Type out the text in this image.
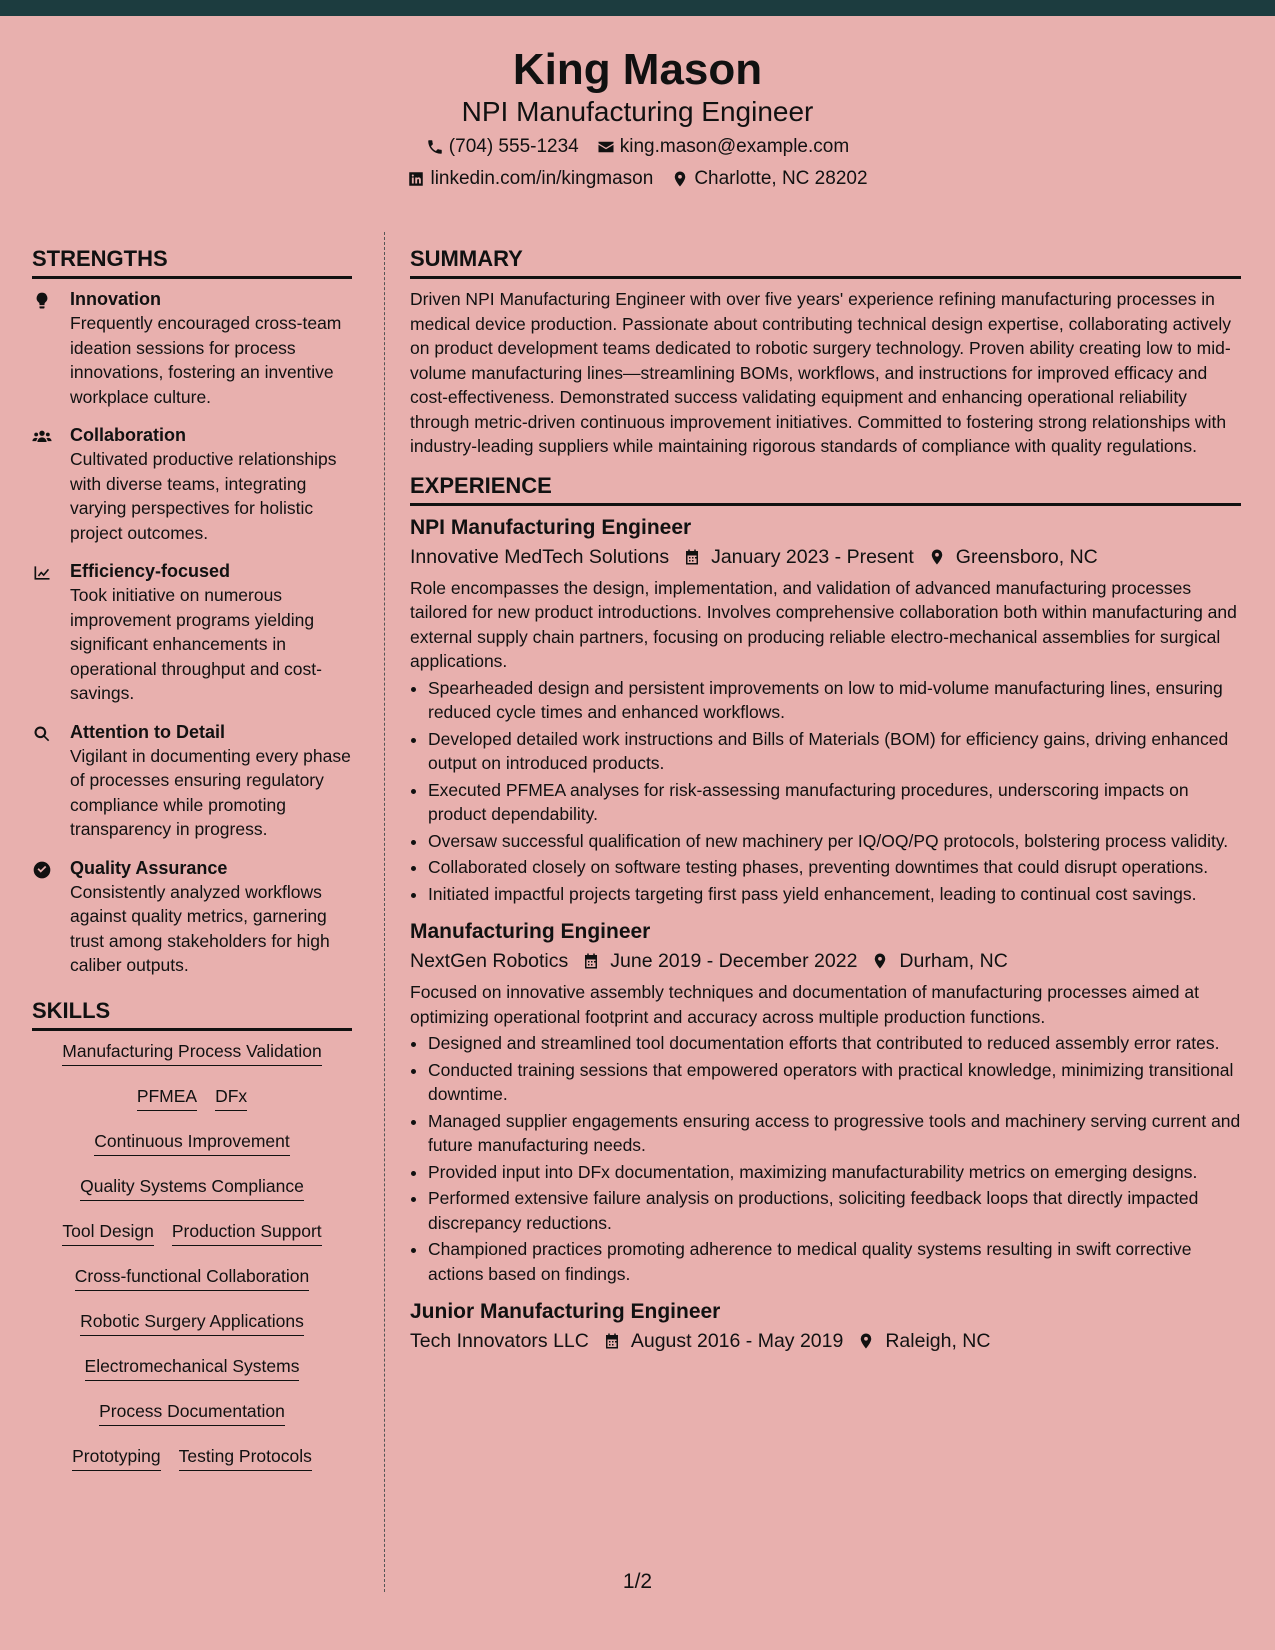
King Mason
NPI Manufacturing Engineer
(704) 555-1234 king.mason@example.com
linkedin.com/in/kingmason Charlotte, NC 28202
STRENGTHS
Innovation
Frequently encouraged cross-team ideation sessions for process innovations, fostering an inventive workplace culture.
Collaboration
Cultivated productive relationships with diverse teams, integrating varying perspectives for holistic project outcomes.
Efficiency-focused
Took initiative on numerous improvement programs yielding significant enhancements in operational throughput and cost-savings.
Attention to Detail
Vigilant in documenting every phase of processes ensuring regulatory compliance while promoting transparency in progress.
Quality Assurance
Consistently analyzed workflows against quality metrics, garnering trust among stakeholders for high caliber outputs.
SKILLS
Manufacturing Process Validation
PFMEA DFx
Continuous Improvement
Quality Systems Compliance
Tool Design Production Support
Cross-functional Collaboration
Robotic Surgery Applications
Electromechanical Systems
Process Documentation
Prototyping Testing Protocols
SUMMARY
Driven NPI Manufacturing Engineer with over five years' experience refining manufacturing processes in medical device production. Passionate about contributing technical design expertise, collaborating actively on product development teams dedicated to robotic surgery technology. Proven ability creating low to mid-volume manufacturing lines—streamlining BOMs, workflows, and instructions for improved efficacy and cost-effectiveness. Demonstrated success validating equipment and enhancing operational reliability through metric-driven continuous improvement initiatives. Committed to fostering strong relationships with industry-leading suppliers while maintaining rigorous standards of compliance with quality regulations.
EXPERIENCE
NPI Manufacturing Engineer
Innovative MedTech Solutions January 2023 - Present Greensboro, NC
Role encompasses the design, implementation, and validation of advanced manufacturing processes tailored for new product introductions. Involves comprehensive collaboration both within manufacturing and external supply chain partners, focusing on producing reliable electro-mechanical assemblies for surgical applications.
• Spearheaded design and persistent improvements on low to mid-volume manufacturing lines, ensuring reduced cycle times and enhanced workflows.
• Developed detailed work instructions and Bills of Materials (BOM) for efficiency gains, driving enhanced output on introduced products.
• Executed PFMEA analyses for risk-assessing manufacturing procedures, underscoring impacts on product dependability.
• Oversaw successful qualification of new machinery per IQ/OQ/PQ protocols, bolstering process validity.
• Collaborated closely on software testing phases, preventing downtimes that could disrupt operations.
• Initiated impactful projects targeting first pass yield enhancement, leading to continual cost savings.
Manufacturing Engineer
NextGen Robotics June 2019 - December 2022 Durham, NC
Focused on innovative assembly techniques and documentation of manufacturing processes aimed at optimizing operational footprint and accuracy across multiple production functions.
• Designed and streamlined tool documentation efforts that contributed to reduced assembly error rates.
• Conducted training sessions that empowered operators with practical knowledge, minimizing transitional downtime.
• Managed supplier engagements ensuring access to progressive tools and machinery serving current and future manufacturing needs.
• Provided input into DFx documentation, maximizing manufacturability metrics on emerging designs.
• Performed extensive failure analysis on productions, soliciting feedback loops that directly impacted discrepancy reductions.
• Championed practices promoting adherence to medical quality systems resulting in swift corrective actions based on findings.
Junior Manufacturing Engineer
Tech Innovators LLC August 2016 - May 2019 Raleigh, NC
1/2
